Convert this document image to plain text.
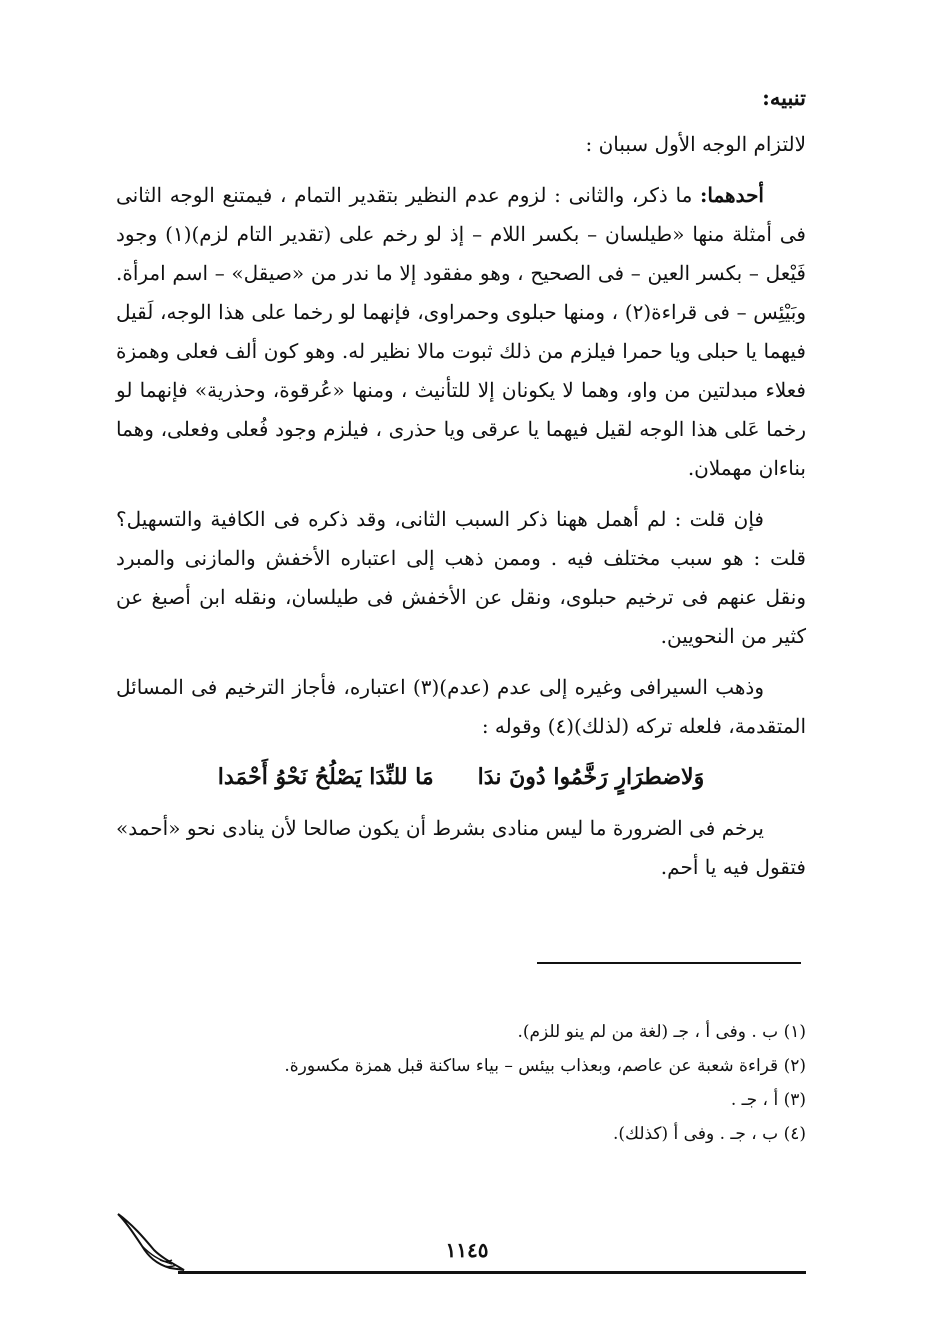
تنبيه:

لالتزام الوجه الأول سببان :

أحدهما: ما ذكر، والثانى : لزوم عدم النظير بتقدير التمام ، فيمتنع الوجه الثانى فى أمثلة منها «طيلسان – بكسر اللام – إذ لو رخم على (تقدير التام لزم)(١) وجود فَيْعل – بكسر العين – فى الصحيح ، وهو مفقود إلا ما ندر من «صيقل» – اسم امرأة. وبَيْئِس – فى قراءة(٢) ، ومنها حبلوى وحمراوى، فإنهما لو رخما على هذا الوجه، لَقيل فيهما يا حبلى ويا حمرا فيلزم من ذلك ثبوت مالا نظير له. وهو كون ألف فعلى وهمزة فعلاء مبدلتين من واو، وهما لا يكونان إلا للتأنيث ، ومنها «عُرقوة، وحذرية» فإنهما لو رخما عَلى هذا الوجه لقيل فيهما يا عرقى ويا حذرى ، فيلزم وجود فُعلى وفعلى، وهما بناءان مهملان.

فإن قلت : لم أهمل ههنا ذكر السبب الثانى، وقد ذكره فى الكافية والتسهيل؟ قلت : هو سبب مختلف فيه . وممن ذهب إلى اعتباره الأخفش والمازنى والمبرد ونقل عنهم فى ترخيم حبلوى، ونقل عن الأخفش فى طيلسان، ونقله ابن أصبغ عن كثير من النحويين.

وذهب السيرافى وغيره إلى عدم (عدم)(٣) اعتباره، فأجاز الترخيم فى المسائل المتقدمة، فلعله تركه (لذلك)(٤) وقوله :

وَلاضطرَارٍ رَخَّمُوا دُونَ ندَا
مَا للنِّدَا يَصْلُحُ نَحْوُ أَحْمَدا

يرخم فى الضرورة ما ليس منادى بشرط أن يكون صالحا لأن ينادى نحو «أحمد» فتقول فيه يا أحم.

(١) ب . وفى أ ، جـ (لغة من لم ينو للزم).

(٢) قراءة شعبة عن عاصم، وبعذاب بيئس – بياء ساكنة قبل همزة مكسورة.

(٣) أ ، جـ .

(٤) ب ، جـ . وفى أ (كذلك).

١١٤٥
